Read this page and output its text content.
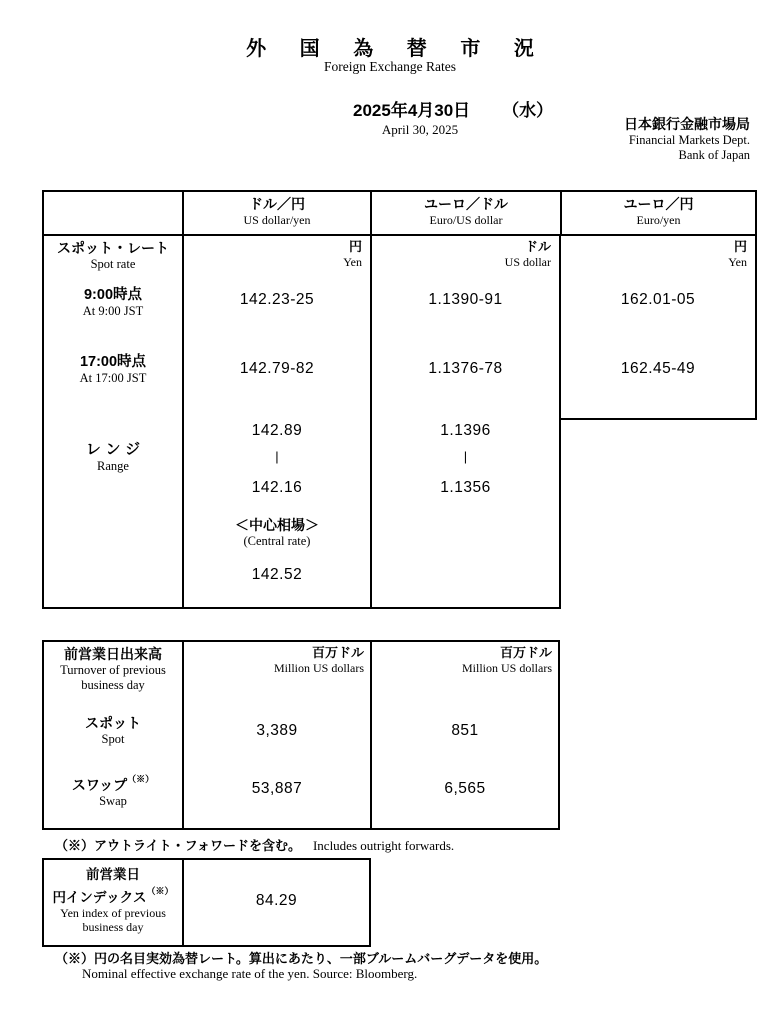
外 国 為 替 市 況
Foreign Exchange Rates
2025年4月30日 （水）
April 30, 2025	日本銀行金融市場局
Financial Markets Dept.
Bank of Japan
ドル／円
US dollar/yen
ユーロ／ドル
Euro/US dollar
ユーロ／円
Euro/yen
スポット・レート
Spot rate
9:00時点
At 9:00 JST
17:00時点
At 17:00 JST
レンジ
Range
円
Yen
142.23-25
142.79-82
142.89
|
142.16
＜中心相場＞
(Central rate)
142.52
ドル
US dollar
1.1390-91
1.1376-78
1.1396
|
1.1356
円
Yen
162.01-05
162.45-49
前営業日出来高
Turnover of previous
business day
スポット
Spot
スワップ（※）
Swap
百万ドル
Million US dollars
3,389
53,887
百万ドル
Million US dollars
851
6,565
（※）アウトライト・フォワードを含む。 Includes outright forwards.
前営業日
円インデックス（※）
Yen index of previous
business day
84.29
（※）円の名目実効為替レート。算出にあたり、一部ブルームバーグデータを使用。
Nominal effective exchange rate of the yen. Source: Bloomberg.
